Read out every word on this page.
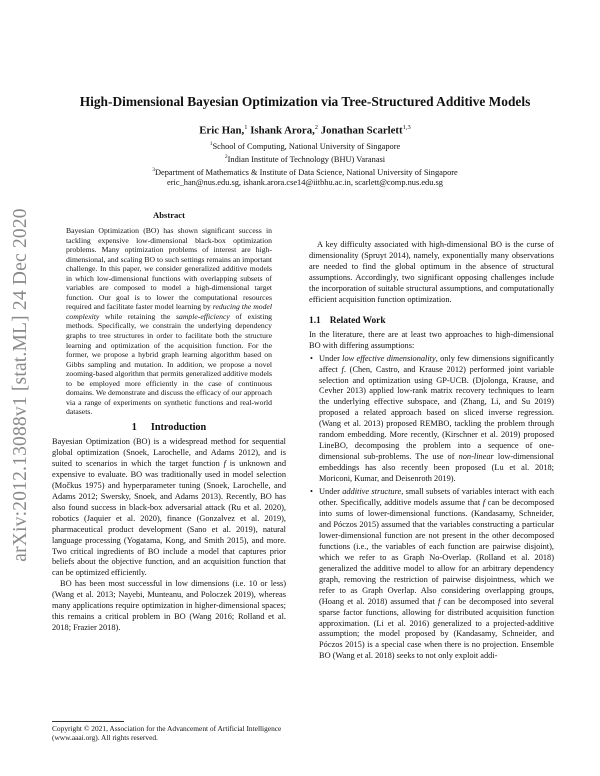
arXiv:2012.13088v1 [stat.ML] 24 Dec 2020
High-Dimensional Bayesian Optimization via Tree-Structured Additive Models
Eric Han,$^1$ Ishank Arora,$^2$ Jonathan Scarlett$^{1,3}$
$^1$School of Computing, National University of Singapore
$^2$Indian Institute of Technology (BHU) Varanasi
$^3$Department of Mathematics & Institute of Data Science, National University of Singapore
eric_han@nus.edu.sg, ishank.arora.cse14@iitbhu.ac.in, scarlett@comp.nus.edu.sg
Abstract

Bayesian Optimization (BO) has shown significant success in tackling expensive low-dimensional black-box optimization problems. Many optimization problems of interest are high-dimensional, and scaling BO to such settings remains an important challenge. In this paper, we consider generalized additive models in which low-dimensional functions with overlapping subsets of variables are composed to model a high-dimensional target function. Our goal is to lower the computational resources required and facilitate faster model learning by reducing the model complexity while retaining the sample-efficiency of existing methods. Specifically, we constrain the underlying dependency graphs to tree structures in order to facilitate both the structure learning and optimization of the acquisition function. For the former, we propose a hybrid graph learning algorithm based on Gibbs sampling and mutation. In addition, we propose a novel zooming-based algorithm that permits generalized additive models to be employed more efficiently in the case of continuous domains. We demonstrate and discuss the efficacy of our approach via a range of experiments on synthetic functions and real-world datasets.

1 Introduction

Bayesian Optimization (BO) is a widespread method for sequential global optimization (Snoek, Larochelle, and Adams 2012), and is suited to scenarios in which the target function f is unknown and expensive to evaluate. BO was traditionally used in model selection (Močkus 1975) and hyperparameter tuning (Snoek, Larochelle, and Adams 2012; Swersky, Snoek, and Adams 2013). Recently, BO has also found success in black-box adversarial attack (Ru et al. 2020), robotics (Jaquier et al. 2020), finance (Gonzalvez et al. 2019), pharmaceutical product development (Sano et al. 2019), natural language processing (Yogatama, Kong, and Smith 2015), and more. Two critical ingredients of BO include a model that captures prior beliefs about the objective function, and an acquisition function that can be optimized efficiently.

BO has been most successful in low dimensions (i.e. 10 or less) (Wang et al. 2013; Nayebi, Munteanu, and Poloczek 2019), whereas many applications require optimization in higher-dimensional spaces; this remains a critical problem in BO (Wang 2016; Rolland et al. 2018; Frazier 2018).

Copyright © 2021, Association for the Advancement of Artificial Intelligence (www.aaai.org). All rights reserved.

A key difficulty associated with high-dimensional BO is the curse of dimensionality (Spruyt 2014), namely, exponentially many observations are needed to find the global optimum in the absence of structural assumptions. Accordingly, two significant opposing challenges include the incorporation of suitable structural assumptions, and computationally efficient acquisition function optimization.

1.1 Related Work

In the literature, there are at least two approaches to high-dimensional BO with differing assumptions:

• Under low effective dimensionality, only few dimensions significantly affect f. (Chen, Castro, and Krause 2012) performed joint variable selection and optimization using GP-UCB. (Djolonga, Krause, and Cevher 2013) applied low-rank matrix recovery techniques to learn the underlying effective subspace, and (Zhang, Li, and Su 2019) proposed a related approach based on sliced inverse regression. (Wang et al. 2013) proposed REMBO, tackling the problem through random embedding. More recently, (Kirschner et al. 2019) proposed LineBO, decomposing the problem into a sequence of one-dimensional sub-problems. The use of non-linear low-dimensional embeddings has also recently been proposed (Lu et al. 2018; Moriconi, Kumar, and Deisenroth 2019).
• Under additive structure, small subsets of variables interact with each other. Specifically, additive models assume that f can be decomposed into sums of lower-dimensional functions. (Kandasamy, Schneider, and Póczos 2015) assumed that the variables constructing a particular lower-dimensional function are not present in the other decomposed functions (i.e., the variables of each function are pairwise disjoint), which we refer to as Graph No-Overlap. (Rolland et al. 2018) generalized the additive model to allow for an arbitrary dependency graph, removing the restriction of pairwise disjointness, which we refer to as Graph Overlap. Also considering overlapping groups, (Hoang et al. 2018) assumed that f can be decomposed into several sparse factor functions, allowing for distributed acquisition function approximation. (Li et al. 2016) generalized to a projected-additive assumption; the model proposed by (Kandasamy, Schneider, and Póczos 2015) is a special case when there is no projection. Ensemble BO (Wang et al. 2018) seeks to not only exploit addi-
